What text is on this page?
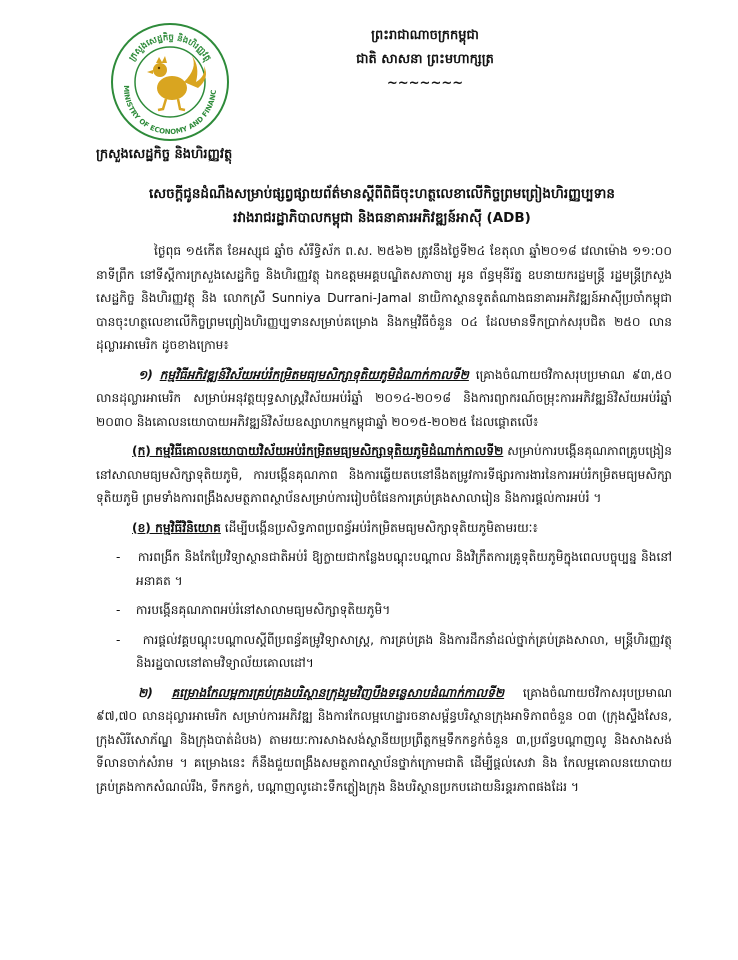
ក្រសួងសេដ្ឋកិច្ច និងហិរញ្ញវត្ថុ
MINISTRY OF ECONOMY AND FINANC
ព្រះរាជាណាចក្រកម្ពុជា
ជាតិ សាសនា ព្រះមហាក្សត្រ
~~~~~~~
ក្រសួងសេដ្ឋកិច្ច និងហិរញ្ញវត្ថុ
សេចក្តីជូនដំណឹងសម្រាប់ផ្សព្វផ្សាយព័ត៌មានស្តីពីពិធីចុះហត្ថលេខាលើកិច្ចព្រមព្រៀងហិរញ្ញប្បទាន
រវាងរាជរដ្ឋាភិបាលកម្ពុជា និងធនាគារអភិវឌ្ឍន៍អាស៊ី (ADB)

ថ្ងៃពុធ ១៥កើត ខែអស្សុជ ឆ្នាំច សំរឹទ្ធិស័ក ព.ស. ២៥៦២ ត្រូវនឹងថ្ងៃទី២៤ ខែតុលា ឆ្នាំ២០១៨ វេលាម៉ោង ១១:០០ នាទីព្រឹក នៅទីស្តីការក្រសួងសេដ្ឋកិច្ច និងហិរញ្ញវត្ថុ ឯកឧត្តមអគ្គបណ្ឌិតសភាចារ្យ អូន ព័ន្ធមុនីរ័ត្ន ឧបនាយករដ្ឋមន្ត្រី រដ្ឋមន្ត្រីក្រសួងសេដ្ឋកិច្ច និងហិរញ្ញវត្ថុ និង លោកស្រី Sunniya Durrani-Jamal នាយិកាស្ថានទូតតំណាងធនាគារអភិវឌ្ឍន៍អាស៊ីប្រចាំកម្ពុជា បានចុះហត្ថលេខាលើកិច្ចព្រមព្រៀងហិរញ្ញប្បទានសម្រាប់គម្រោង និងកម្មវិធីចំនួន ០៤ ដែលមានទឹកប្រាក់សរុបជិត ២៥០ លានដុល្លារអាមេរិក ដូចខាងក្រោម៖

១) កម្មវិធីអភិវឌ្ឍន៍វិស័យអប់រំកម្រិតមធ្យមសិក្សាទុតិយភូមិដំណាក់កាលទី២ គ្រោងចំណាយថវិកាសរុបប្រមាណ ៩៣,៥០ លានដុល្លារអាមេរិក សម្រាប់អនុវត្តយុទ្ធសាស្ត្រវិស័យអប់រំឆ្នាំ ២០១៤-២០១៨ និងការព្យាករណ៍ចម្រុះការអភិវឌ្ឍន៍វិស័យអប់រំឆ្នាំ ២០៣០ និងគោលនយោបាយអភិវឌ្ឍន៍វិស័យឧស្សាហកម្មកម្ពុជាឆ្នាំ ២០១៥-២០២៥ ដែលផ្តោតលើ៖

(ក) កម្មវិធីគោលនយោបាយវិស័យអប់រំកម្រិតមធ្យមសិក្សាទុតិយភូមិដំណាក់កាលទី២ សម្រាប់ការបង្កើនគុណភាពគ្រូបង្រៀននៅសាលាមធ្យមសិក្សាទុតិយភូមិ, ការបង្កើនគុណភាព និងការឆ្លើយតបនៅនឹងតម្រូវការទីផ្សារការងារនៃការអប់រំកម្រិតមធ្យមសិក្សាទុតិយភូមិ ព្រមទាំងការពង្រឹងសមត្ថភាពស្ថាប័នសម្រាប់ការរៀបចំផែនការគ្រប់គ្រងសាលារៀន និងការផ្តល់ការអប់រំ ។

(ខ) កម្មវិធីវិនិយោគ ដើម្បីបង្កើនប្រសិទ្ធភាពប្រពន្ធ័អប់រំកម្រិតមធ្យមសិក្សាទុតិយភូមិតាមរយៈ៖

-    ការពង្រីក និងកែប្រែវិទ្យាស្ថានជាតិអប់រំ ឱ្យក្លាយជាកន្លែងបណ្តុះបណ្តាល និងវិក្រឹតការគ្រូទុតិយភូមិក្នុងពេលបច្ចុប្បន្ន និងនៅអនាគត ។

-    ការបង្កើនគុណភាពអប់រំនៅសាលាមធ្យមសិក្សាទុតិយភូមិ។

-    ការផ្តល់វគ្គបណ្តុះបណ្តាលស្តីពីប្រពន្ធ័គម្រូវិទ្យាសាស្ត្រ, ការគ្រប់គ្រង និងការដឹកនាំដល់ថ្នាក់គ្រប់គ្រងសាលា, មន្ត្រីហិរញ្ញវត្ថុ និងរដ្ឋបាលនៅតាមវិទ្យាល័យគោលដៅ។

២) គម្រោងកែលម្អការគ្រប់គ្រងបរិស្ថានក្រុងរួមវិញបឹងទន្លេសាបដំណាក់កាលទី២ គ្រោងចំណាយថវិកាសរុបប្រមាណ ៩៧,៧០ លានដុល្លារអាមេរិក សម្រាប់ការអភិវឌ្ឍ និងការកែលម្អហេដ្ឋារចនាសម្ព័ន្ធបរិស្ថានក្រុងអាទិភាពចំនួន ០៣ (ក្រុងស្ទឹងសែន, ក្រុងសិរីសោភ័ណ្ឌ និងក្រុងបាត់ដំបង) តាមរយៈការសាងសង់ស្ថានីយប្រព្រឹត្តកម្មទឹកកខ្វក់ចំនួន ៣,ប្រព័ន្ធបណ្តាញលូ និងសាងសង់ទីលានចាក់សំរាម ។ គម្រោងនេះ ក៏នឹងជួយពង្រឹងសមត្ថភាពស្ថាប័នថ្នាក់ក្រោមជាតិ ដើម្បីផ្តល់សេវា និង កែលម្អគោលនយោបាយគ្រប់គ្រងកាកសំណល់រឹង, ទឹកកខ្វក់, បណ្តាញលូដោះទឹកភ្លៀងក្រុង និងបរិស្ថានប្រកបដោយនិរន្តរភាពផងដែរ ។
